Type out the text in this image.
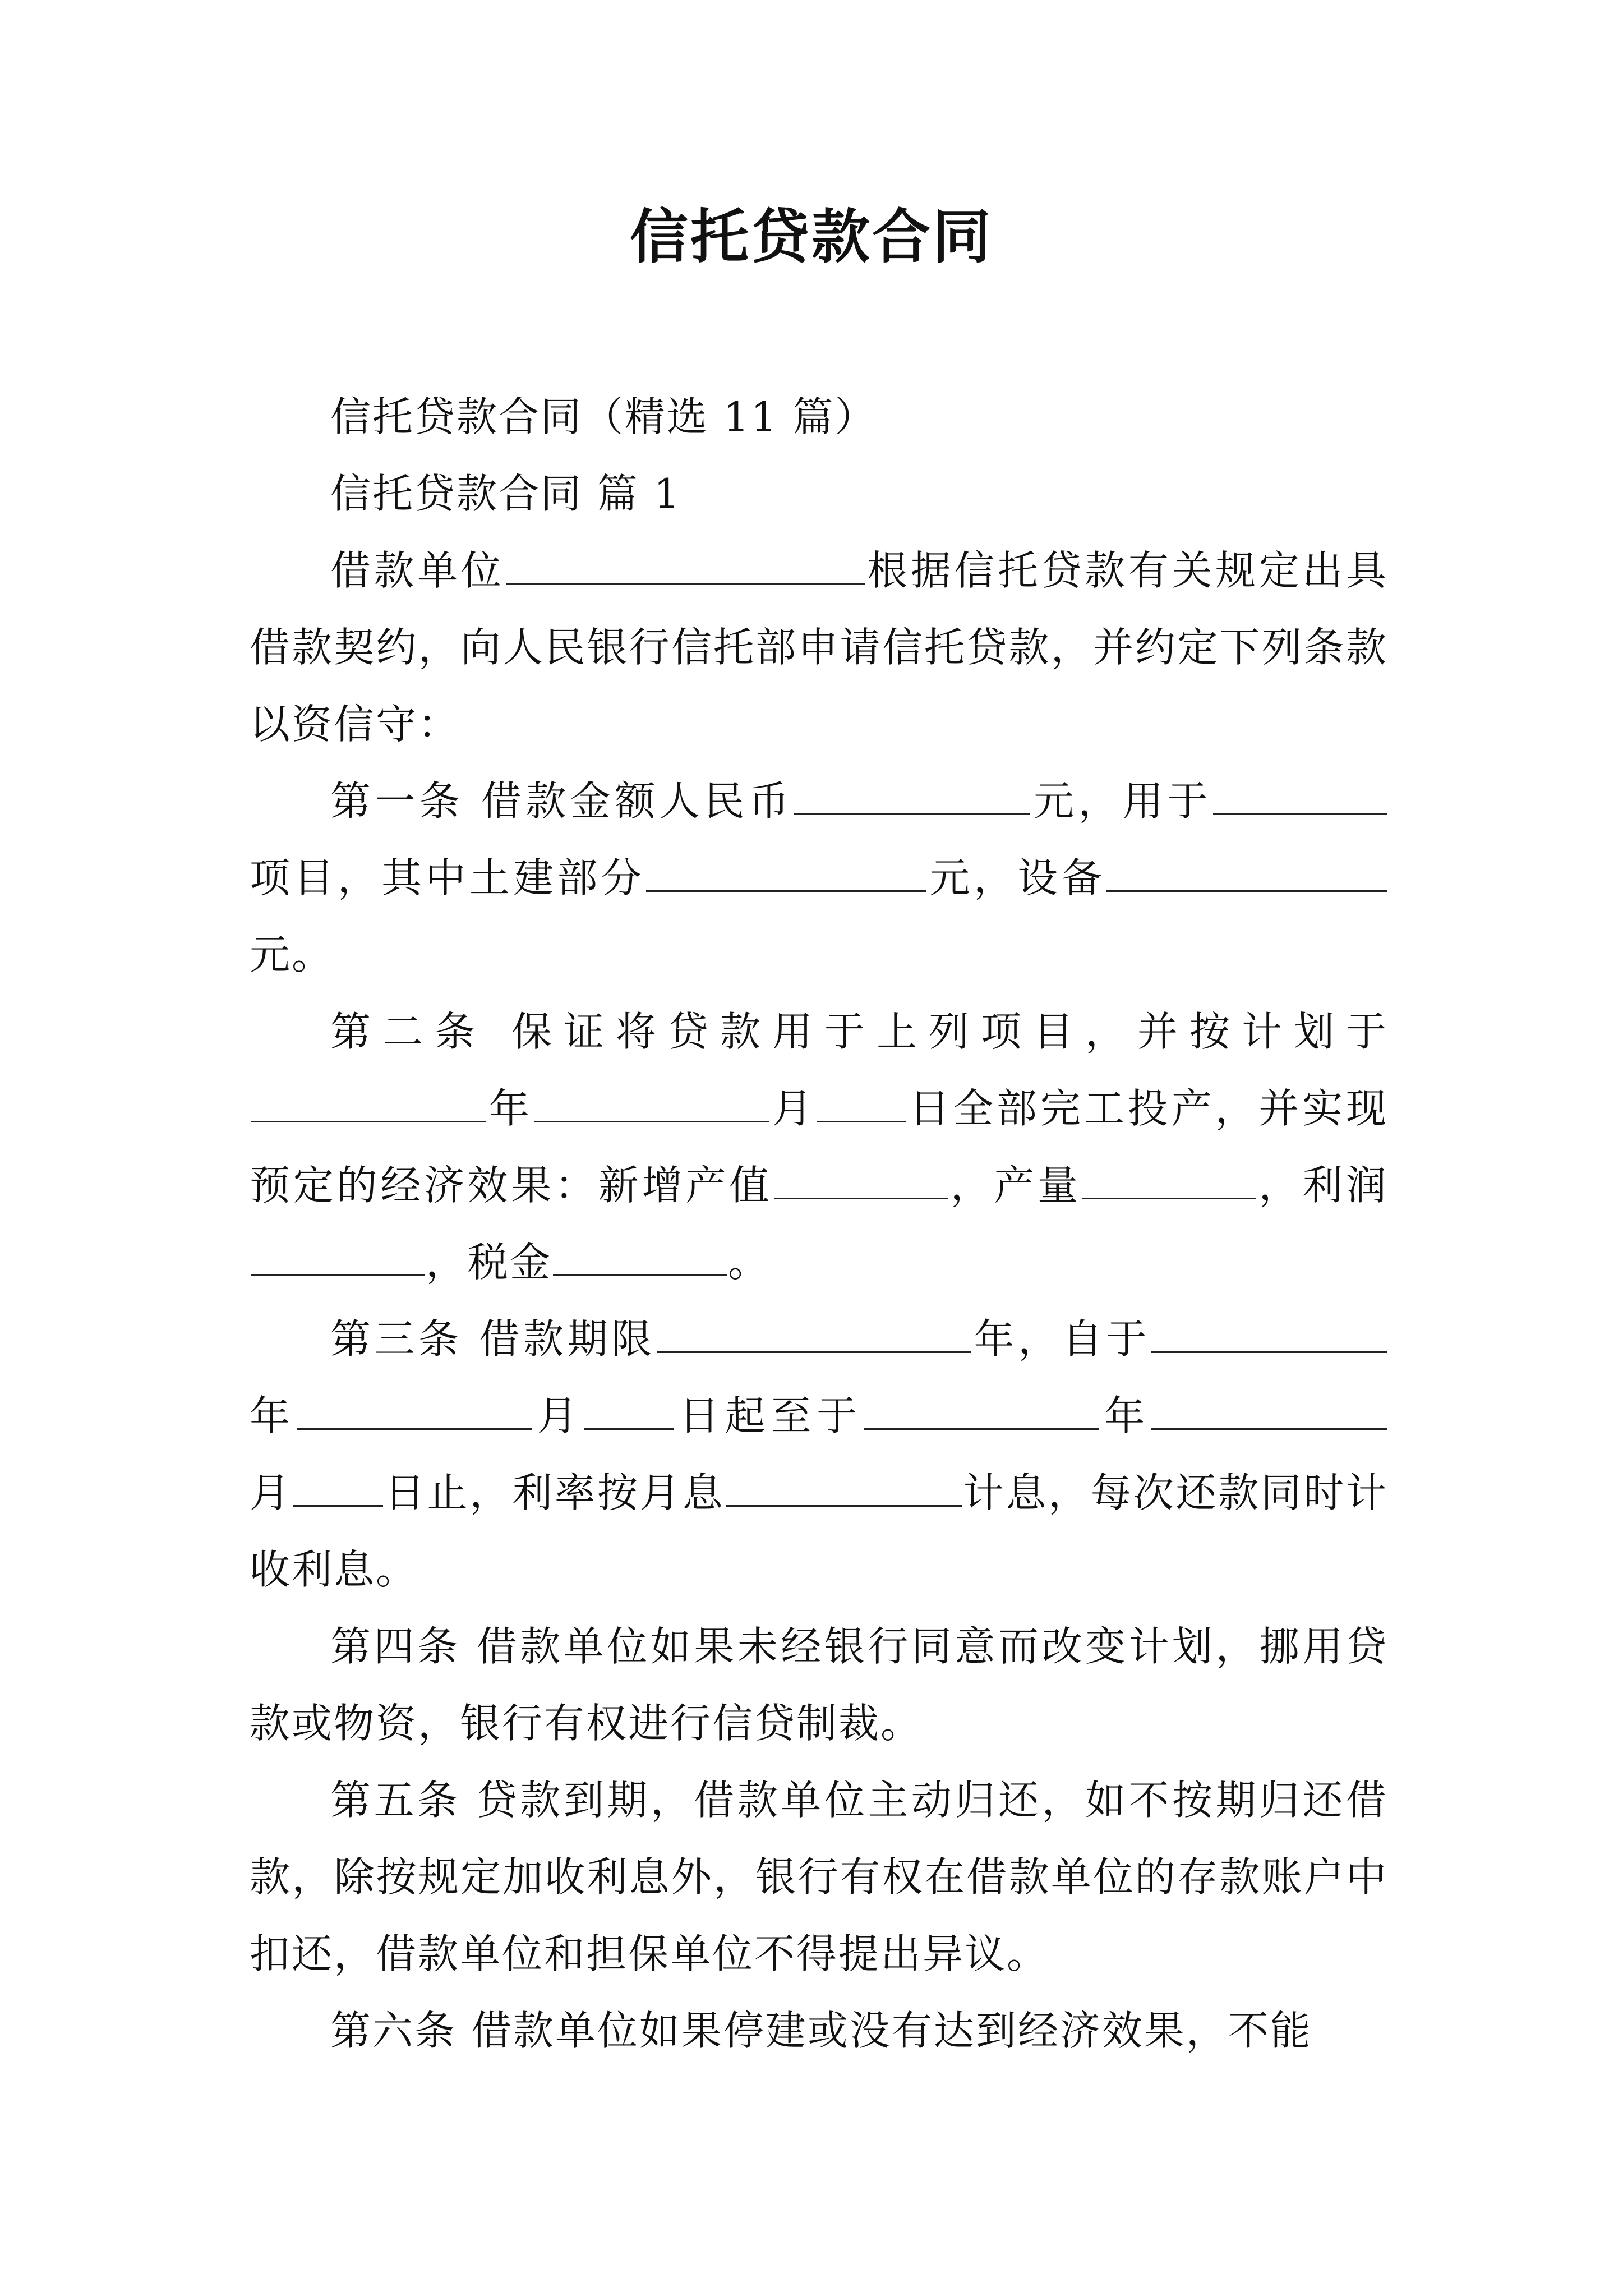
信托贷款合同

信托贷款合同（精选 11 篇）

信托贷款合同 篇 1

借款单位	根据信托贷款有关规定出具借款契约，向人民银行信托部申请信托贷款，并约定下列条款以资信守：

第一条 借款金额人民币	元，用于项目，其中土建部分	元，设备元。

第二条 保证将贷款用于上列项目，并按计划于年	月 日全部完工投产，并实现预定的经济效果：新增产值	，产量	，利润，税金	。

第三条 借款期限	年，自于年	月 日起至于	年月 日止，利率按月息	计息，每次还款同时计收利息。

第四条 借款单位如果未经银行同意而改变计划，挪用贷款或物资，银行有权进行信贷制裁。

第五条 贷款到期，借款单位主动归还，如不按期归还借款，除按规定加收利息外，银行有权在借款单位的存款账户中扣还，借款单位和担保单位不得提出异议。

第六条 借款单位如果停建或没有达到经济效果，不能
